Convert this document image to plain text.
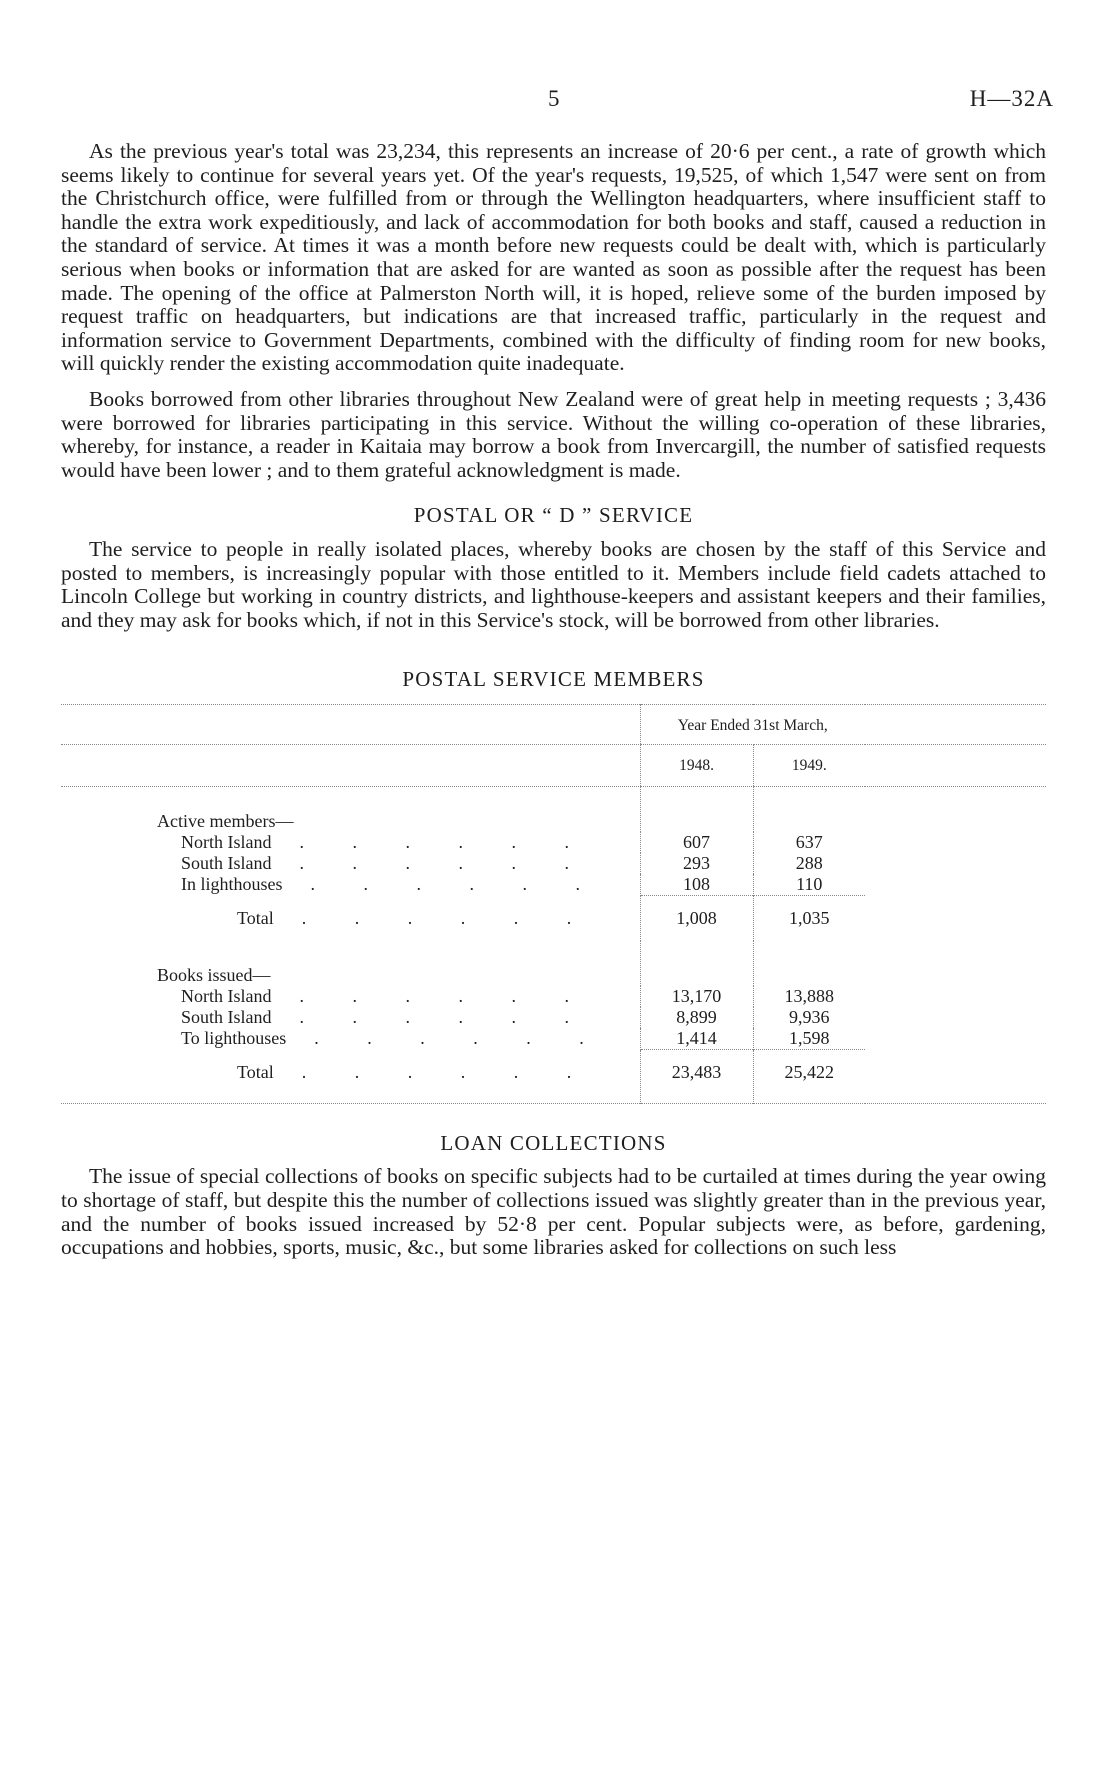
5	H—32A

As the previous year's total was 23,234, this represents an increase of 20·6 per cent., a rate of growth which seems likely to continue for several years yet. Of the year's requests, 19,525, of which 1,547 were sent on from the Christchurch office, were fulfilled from or through the Wellington headquarters, where insufficient staff to handle the extra work expeditiously, and lack of accommodation for both books and staff, caused a reduction in the standard of service. At times it was a month before new requests could be dealt with, which is particularly serious when books or information that are asked for are wanted as soon as possible after the request has been made. The opening of the office at Palmerston North will, it is hoped, relieve some of the burden imposed by request traffic on headquarters, but indications are that increased traffic, particularly in the request and information service to Government Departments, combined with the difficulty of finding room for new books, will quickly render the existing accommodation quite inadequate.

Books borrowed from other libraries throughout New Zealand were of great help in meeting requests ; 3,436 were borrowed for libraries participating in this service. Without the willing co-operation of these libraries, whereby, for instance, a reader in Kaitaia may borrow a book from Invercargill, the number of satisfied requests would have been lower ; and to them grateful acknowledgment is made.

POSTAL OR “ D ” SERVICE

The service to people in really isolated places, whereby books are chosen by the staff of this Service and posted to members, is increasingly popular with those entitled to it. Members include field cadets attached to Lincoln College but working in country districts, and lighthouse-keepers and assistant keepers and their families, and they may ask for books which, if not in this Service's stock, will be borrowed from other libraries.

POSTAL SERVICE MEMBERS
	Year Ended 31st March,		
	1948.	1949.	
Active members—			
North Island . . . . . .	607	637	
South Island . . . . . .	293	288	
In lighthouses . . . . . .	108	110	
Total . . . . . .	1,008	1,035	
Books issued—			
North Island . . . . . .	13,170	13,888	
South Island . . . . . .	8,899	9,936	
To lighthouses . . . . . .	1,414	1,598	
Total . . . . . .	23,483	25,422	
LOAN COLLECTIONS

The issue of special collections of books on specific subjects had to be curtailed at times during the year owing to shortage of staff, but despite this the number of collections issued was slightly greater than in the previous year, and the number of books issued increased by 52·8 per cent. Popular subjects were, as before, gardening, occupations and hobbies, sports, music, &c., but some libraries asked for collections on such less
